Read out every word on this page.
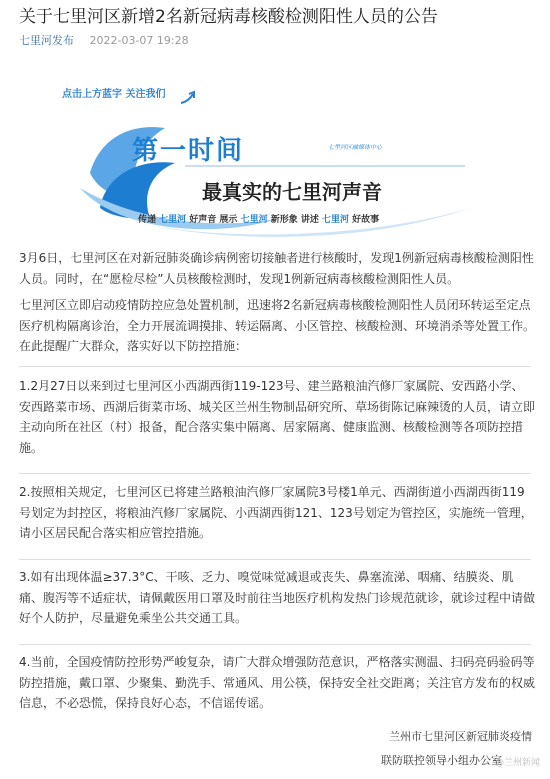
关于七里河区新增2名新冠病毒核酸检测阳性人员的公告
七里河发布 2022-03-07 19:28
点击上方蓝字 关注我们
第一时间	七里河区融媒体中心
最真实的七里河声音
传递 七里河 好声音 展示 七里河 新形象 讲述 七里河 好故事
3月6日，七里河区在对新冠肺炎确诊病例密切接触者进行核酸时，发现1例新冠病毒核酸检测阳性人员。同时，在“愿检尽检”人员核酸检测时，发现1例新冠病毒核酸检测阳性人员。
七里河区立即启动疫情防控应急处置机制，迅速将2名新冠病毒核酸检测阳性人员闭环转运至定点医疗机构隔离诊治，全力开展流调摸排、转运隔离、小区管控、核酸检测、环境消杀等处置工作。在此提醒广大群众，落实好以下防控措施：
1.2月27日以来到过七里河区小西湖西街119-123号、建兰路粮油汽修厂家属院、安西路小学、安西路菜市场、西湖后街菜市场、城关区兰州生物制品研究所、草场街陈记麻辣烫的人员，请立即主动向所在社区（村）报备，配合落实集中隔离、居家隔离、健康监测、核酸检测等各项防控措施。
2.按照相关规定，七里河区已将建兰路粮油汽修厂家属院3号楼1单元、西湖街道小西湖西街119号划定为封控区，将粮油汽修厂家属院、小西湖西街121、123号划定为管控区，实施统一管理，请小区居民配合落实相应管控措施。
3.如有出现体温≥37.3°C、干咳、乏力、嗅觉味觉减退或丧失、鼻塞流涕、咽痛、结膜炎、肌痛、腹泻等不适症状，请佩戴医用口罩及时前往当地医疗机构发热门诊规范就诊，就诊过程中请做好个人防护，尽量避免乘坐公共交通工具。
4.当前，全国疫情防控形势严峻复杂，请广大群众增强防范意识，严格落实测温、扫码亮码验码等防控措施，戴口罩、少聚集、勤洗手、常通风、用公筷，保持安全社交距离；关注官方发布的权威信息，不必恐慌，保持良好心态，不信谣传谣。
兰州市七里河区新冠肺炎疫情
联防联控领导小组办公室
@兰州新闻
